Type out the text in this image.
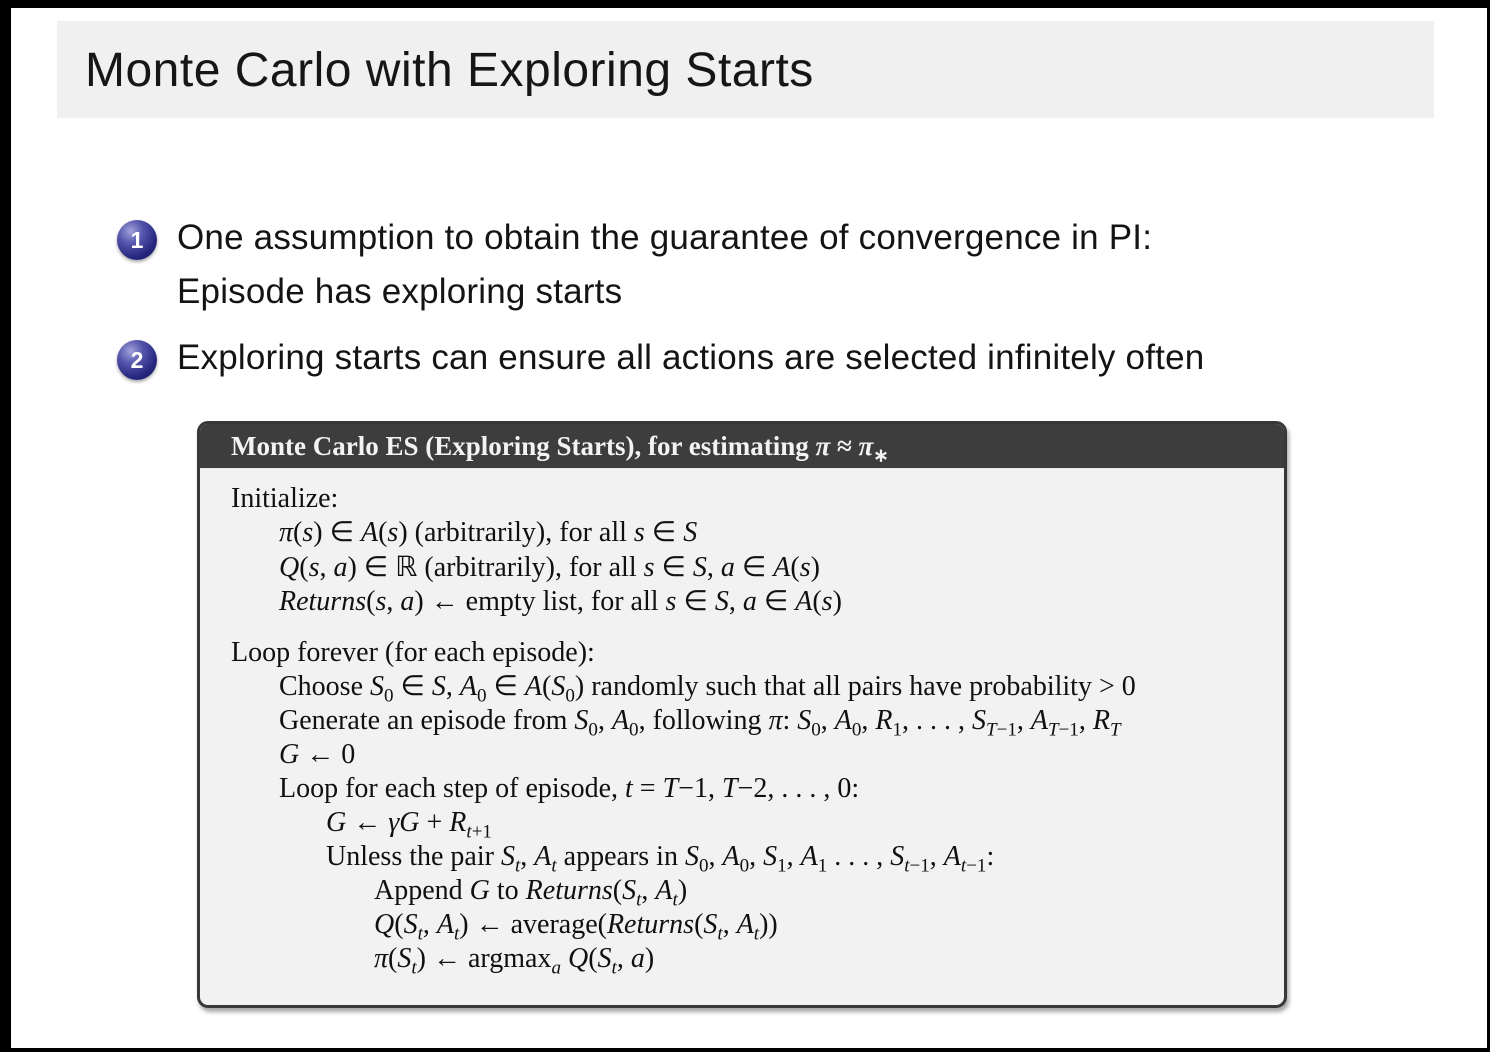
Monte Carlo with Exploring Starts
1 One assumption to obtain the guarantee of convergence in PI:
Episode has exploring starts
2 Exploring starts can ensure all actions are selected infinitely often
Monte Carlo ES (Exploring Starts), for estimating $\pi \approx \pi_∗$
Initialize:
π(s) ∈ A(s) (arbitrarily), for all s ∈ S
Q(s, a) ∈ ℝ (arbitrarily), for all s ∈ S, a ∈ A(s)
Returns(s, a) ← empty list, for all s ∈ S, a ∈ A(s)
Loop forever (for each episode):
Choose $S_0$ ∈ S, $A_0$ ∈ $A(S_0)$ randomly such that all pairs have probability > 0
Generate an episode from $S_0$, $A_0$, following π: $S_0$, $A_0$, $R_1$, . . . , $S_{T-1}$, $A_{T-1}$, $R_T$
G ← 0
Loop for each step of episode, t = T−1, T−2, . . . , 0:
G ← $\gamma G + R_{t+1}$
Unless the pair $S_t$, $A_t$ appears in $S_0$, $A_0$, $S_1$, $A_1$ . . . , $S_{t-1}$, $A_{t-1}$:
Append G to $Returns(S_t$, $A_t$)
$Q(S_t$, $A_t$) ← $average(Returns(S_t$, $A_t$))
$\pi(S_t)$ ← argmax$_a$ $Q(S_t$, a)
